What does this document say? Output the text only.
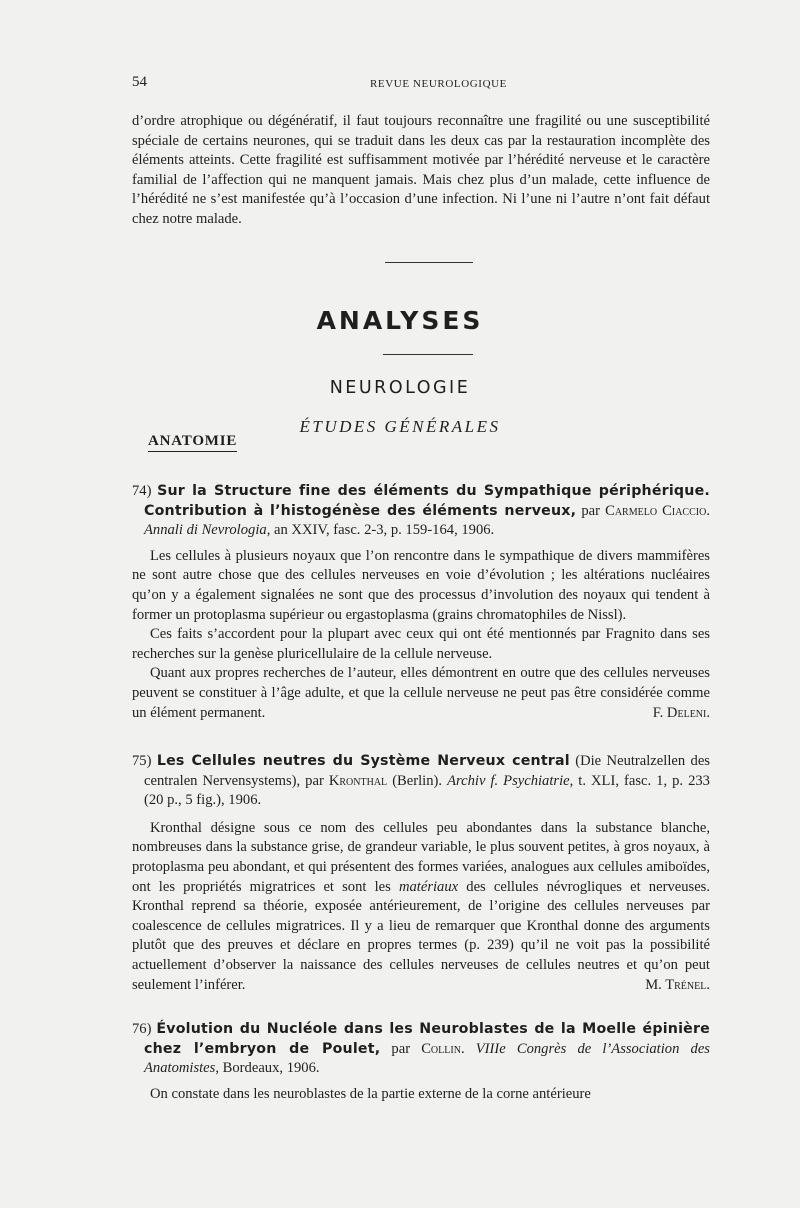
54	REVUE NEUROLOGIQUE

d’ordre atrophique ou dégénératif, il faut toujours reconnaître une fragilité ou une susceptibilité spéciale de certains neurones, qui se traduit dans les deux cas par la restauration incomplète des éléments atteints. Cette fragilité est suffisamment motivée par l’hérédité nerveuse et le caractère familial de l’affection qui ne manquent jamais. Mais chez plus d’un malade, cette influence de l’hérédité ne s’est manifestée qu’à l’occasion d’une infection. Ni l’une ni l’autre n’ont fait défaut chez notre malade.

ANALYSES
NEUROLOGIE
ÉTUDES GÉNÉRALES
ANATOMIE

74) Sur la Structure fine des éléments du Sympathique périphérique. Contribution à l’histogénèse des éléments nerveux, par Carmelo Ciaccio. Annali di Nevrologia, an XXIV, fasc. 2-3, p. 159-164, 1906.

Les cellules à plusieurs noyaux que l’on rencontre dans le sympathique de divers mammifères ne sont autre chose que des cellules nerveuses en voie d’évolution ; les altérations nucléaires qu’on y a également signalées ne sont que des processus d’involution des noyaux qui tendent à former un protoplasma supérieur ou ergastoplasma (grains chromatophiles de Nissl).

Ces faits s’accordent pour la plupart avec ceux qui ont été mentionnés par Fragnito dans ses recherches sur la genèse pluricellulaire de la cellule nerveuse.

Quant aux propres recherches de l’auteur, elles démontrent en outre que des cellules nerveuses peuvent se constituer à l’âge adulte, et que la cellule nerveuse ne peut pas être considérée comme un élément permanent.	F. Deleni.

75) Les Cellules neutres du Système Nerveux central (Die Neutralzellen des centralen Nervensystems), par Kronthal (Berlin). Archiv f. Psychiatrie, t. XLI, fasc. 1, p. 233 (20 p., 5 fig.), 1906.

Kronthal désigne sous ce nom des cellules peu abondantes dans la substance blanche, nombreuses dans la substance grise, de grandeur variable, le plus souvent petites, à gros noyaux, à protoplasma peu abondant, et qui présentent des formes variées, analogues aux cellules amiboïdes, ont les propriétés migratrices et sont les matériaux des cellules névrogliques et nerveuses. Kronthal reprend sa théorie, exposée antérieurement, de l’origine des cellules nerveuses par coalescence de cellules migratrices. Il y a lieu de remarquer que Kronthal donne des arguments plutôt que des preuves et déclare en propres termes (p. 239) qu’il ne voit pas la possibilité actuellement d’observer la naissance des cellules nerveuses de cellules neutres et qu’on peut seulement l’inférer.	M. Trénel.

76) Évolution du Nucléole dans les Neuroblastes de la Moelle épinière chez l’embryon de Poulet, par Collin. VIIIe Congrès de l’Association des Anatomistes, Bordeaux, 1906.

On constate dans les neuroblastes de la partie externe de la corne antérieure
